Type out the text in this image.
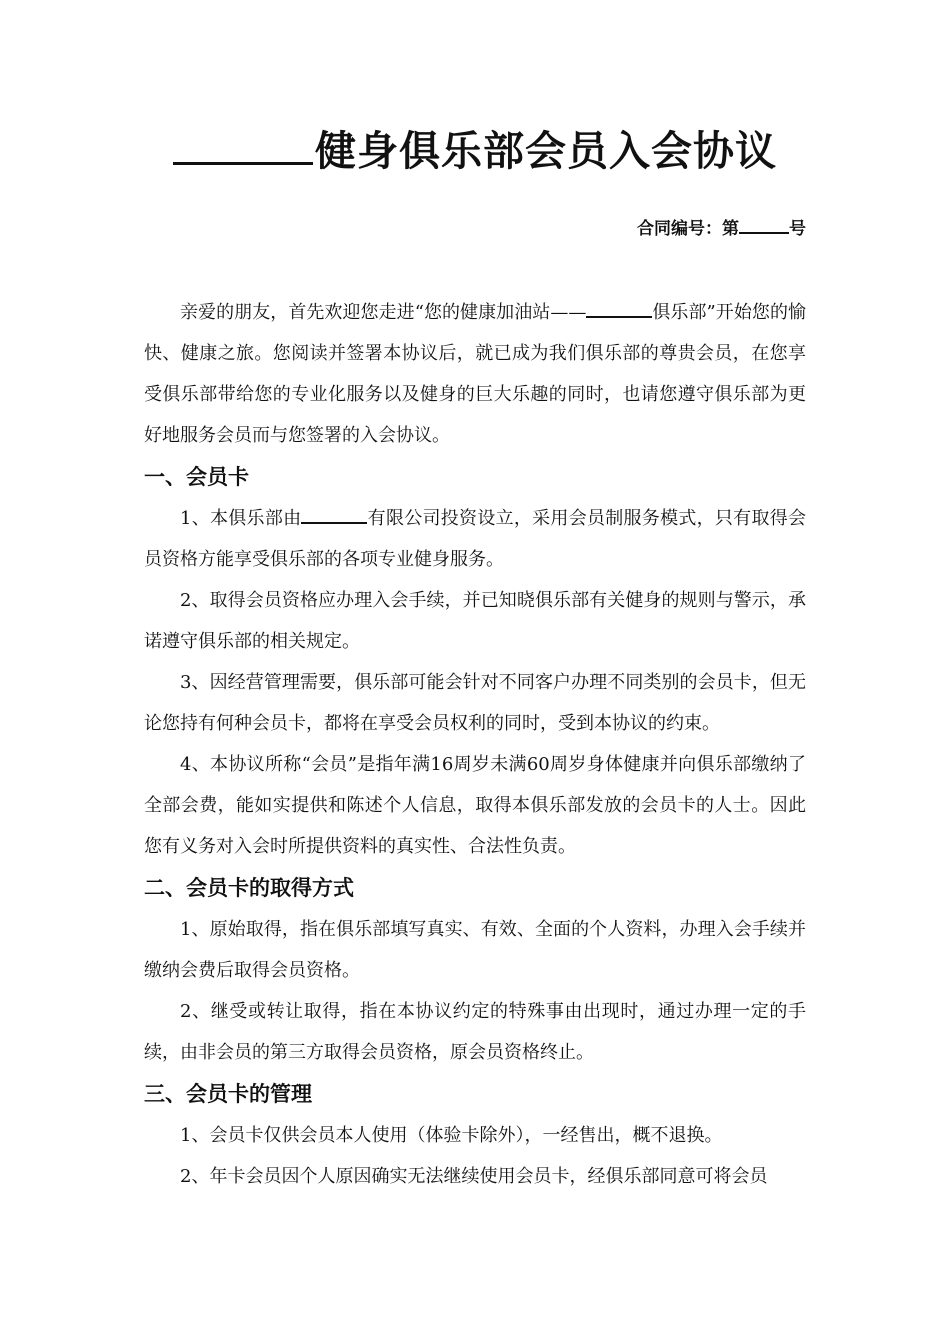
健身俱乐部会员入会协议
合同编号：第	号

亲爱的朋友，首先欢迎您走进“您的健康加油站——	俱乐部”开始您的愉快、健康之旅。您阅读并签署本协议后，就已成为我们俱乐部的尊贵会员，在您享受俱乐部带给您的专业化服务以及健身的巨大乐趣的同时，也请您遵守俱乐部为更好地服务会员而与您签署的入会协议。

一、会员卡

1、本俱乐部由	有限公司投资设立，采用会员制服务模式，只有取得会员资格方能享受俱乐部的各项专业健身服务。

2、取得会员资格应办理入会手续，并已知晓俱乐部有关健身的规则与警示，承诺遵守俱乐部的相关规定。

3、因经营管理需要，俱乐部可能会针对不同客户办理不同类别的会员卡，但无论您持有何种会员卡，都将在享受会员权利的同时，受到本协议的约束。

4、本协议所称“会员”是指年满16周岁未满60周岁身体健康并向俱乐部缴纳了全部会费，能如实提供和陈述个人信息，取得本俱乐部发放的会员卡的人士。因此您有义务对入会时所提供资料的真实性、合法性负责。

二、会员卡的取得方式

1、原始取得，指在俱乐部填写真实、有效、全面的个人资料，办理入会手续并缴纳会费后取得会员资格。

2、继受或转让取得，指在本协议约定的特殊事由出现时，通过办理一定的手续，由非会员的第三方取得会员资格，原会员资格终止。

三、会员卡的管理

1、会员卡仅供会员本人使用（体验卡除外），一经售出，概不退换。

2、年卡会员因个人原因确实无法继续使用会员卡，经俱乐部同意可将会员
